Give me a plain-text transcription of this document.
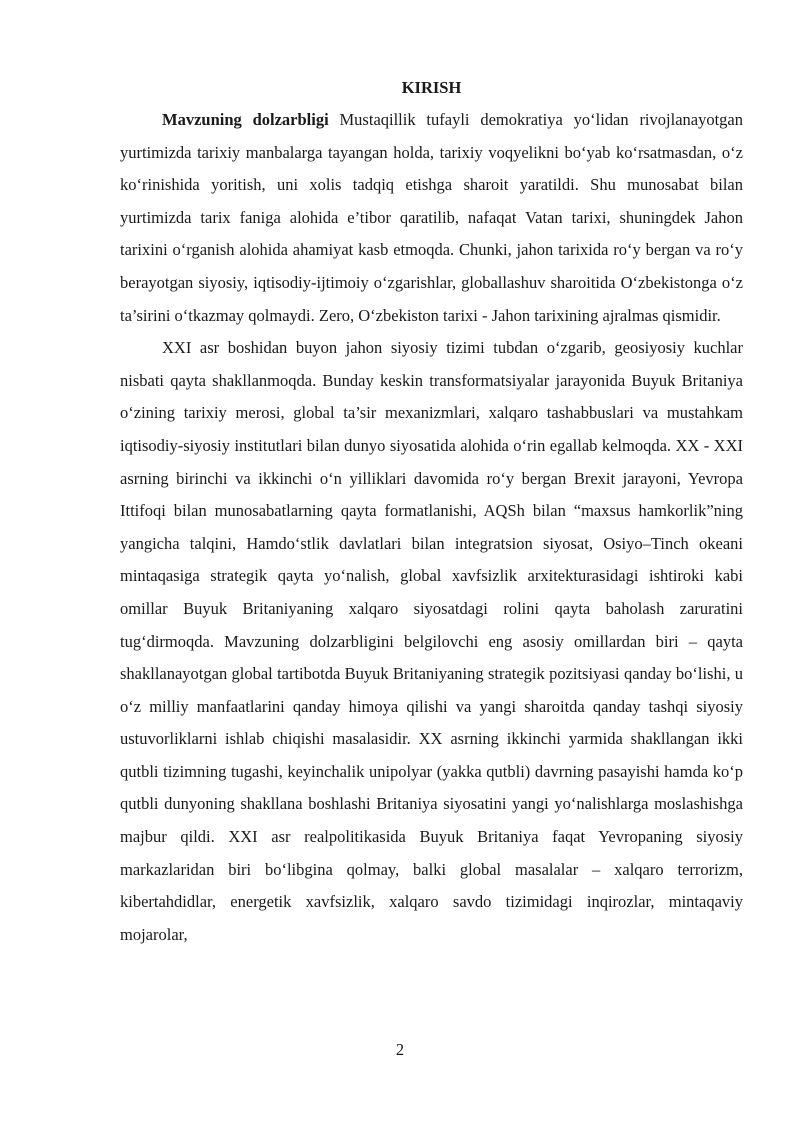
KIRISH

Mavzuning dolzarbligi Mustaqillik tufayli demokratiya yo‘lidan rivojlanayotgan yurtimizda tarixiy manbalarga tayangan holda, tarixiy voqyelikni bo‘yab ko‘rsatmasdan, o‘z ko‘rinishida yoritish, uni xolis tadqiq etishga sharoit yaratildi. Shu munosabat bilan yurtimizda tarix faniga alohida e’tibor qaratilib, nafaqat Vatan tarixi, shuningdek Jahon tarixini o‘rganish alohida ahamiyat kasb etmoqda. Chunki, jahon tarixida ro‘y bergan va ro‘y berayotgan siyosiy, iqtisodiy-ijtimoiy o‘zgarishlar, globallashuv sharoitida O‘zbekistonga o‘z ta’sirini o‘tkazmay qolmaydi. Zero, O‘zbekiston tarixi - Jahon tarixining ajralmas qismidir.

XXI asr boshidan buyon jahon siyosiy tizimi tubdan o‘zgarib, geosiyosiy kuchlar nisbati qayta shakllanmoqda. Bunday keskin transformatsiyalar jarayonida Buyuk Britaniya o‘zining tarixiy merosi, global ta’sir mexanizmlari, xalqaro tashabbuslari va mustahkam iqtisodiy-siyosiy institutlari bilan dunyo siyosatida alohida o‘rin egallab kelmoqda. XX - XXI asrning birinchi va ikkinchi o‘n yilliklari davomida ro‘y bergan Brexit jarayoni, Yevropa Ittifoqi bilan munosabatlarning qayta formatlanishi, AQSh bilan “maxsus hamkorlik”ning yangicha talqini, Hamdo‘stlik davlatlari bilan integratsion siyosat, Osiyo–Tinch okeani mintaqasiga strategik qayta yo‘nalish, global xavfsizlik arxitekturasidagi ishtiroki kabi omillar Buyuk Britaniyaning xalqaro siyosatdagi rolini qayta baholash zaruratini tug‘dirmoqda. Mavzuning dolzarbligini belgilovchi eng asosiy omillardan biri – qayta shakllanayotgan global tartibotda Buyuk Britaniyaning strategik pozitsiyasi qanday bo‘lishi, u o‘z milliy manfaatlarini qanday himoya qilishi va yangi sharoitda qanday tashqi siyosiy ustuvorliklarni ishlab chiqishi masalasidir. XX asrning ikkinchi yarmida shakllangan ikki qutbli tizimning tugashi, keyinchalik unipolyar (yakka qutbli) davrning pasayishi hamda ko‘p qutbli dunyoning shakllana boshlashi Britaniya siyosatini yangi yo‘nalishlarga moslashishga majbur qildi. XXI asr realpolitikasida Buyuk Britaniya faqat Yevropaning siyosiy markazlaridan biri bo‘libgina qolmay, balki global masalalar – xalqaro terrorizm, kibertahdidlar, energetik xavfsizlik, xalqaro savdo tizimidagi inqirozlar, mintaqaviy mojarolar,

2
